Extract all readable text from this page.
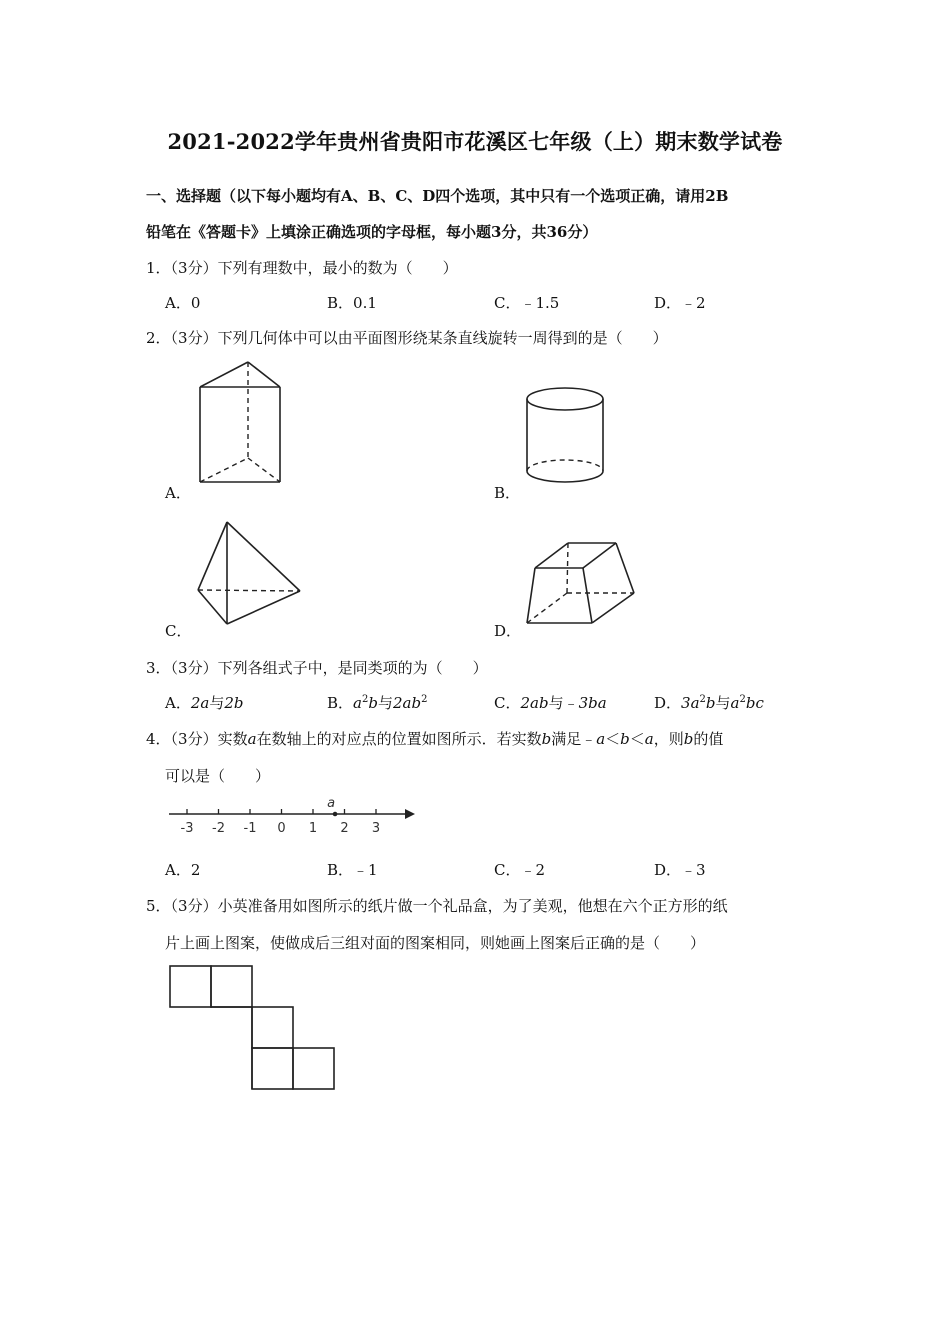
2021-2022学年贵州省贵阳市花溪区七年级（上）期末数学试卷
一、选择题（以下每小题均有A、B、C、D四个选项，其中只有一个选项正确，请用2B
铅笔在《答题卡》上填涂正确选项的字母框，每小题3分，共36分）
1．（3分）下列有理数中，最小的数为（　　）
A．0	B．0.1	C．﹣1.5	D．﹣2
2．（3分）下列几何体中可以由平面图形绕某条直线旋转一周得到的是（　　）
A．	B．
C．	D．
3．（3分）下列各组式子中，是同类项的为（　　）
A．2a与2b	B．$a^2b$与$2ab^2$	C．2ab与﹣3ba	D．$3a^2b$与$a^2bc$
4．（3分）实数a在数轴上的对应点的位置如图所示．若实数b满足﹣a＜b＜a，则b的值
可以是（　　）
-3 -2 -1 0 1 2 3
a
A．2	B．﹣1	C．﹣2	D．﹣3
5．（3分）小英准备用如图所示的纸片做一个礼品盒，为了美观，他想在六个正方形的纸
片上画上图案，使做成后三组对面的图案相同，则她画上图案后正确的是（　　）
